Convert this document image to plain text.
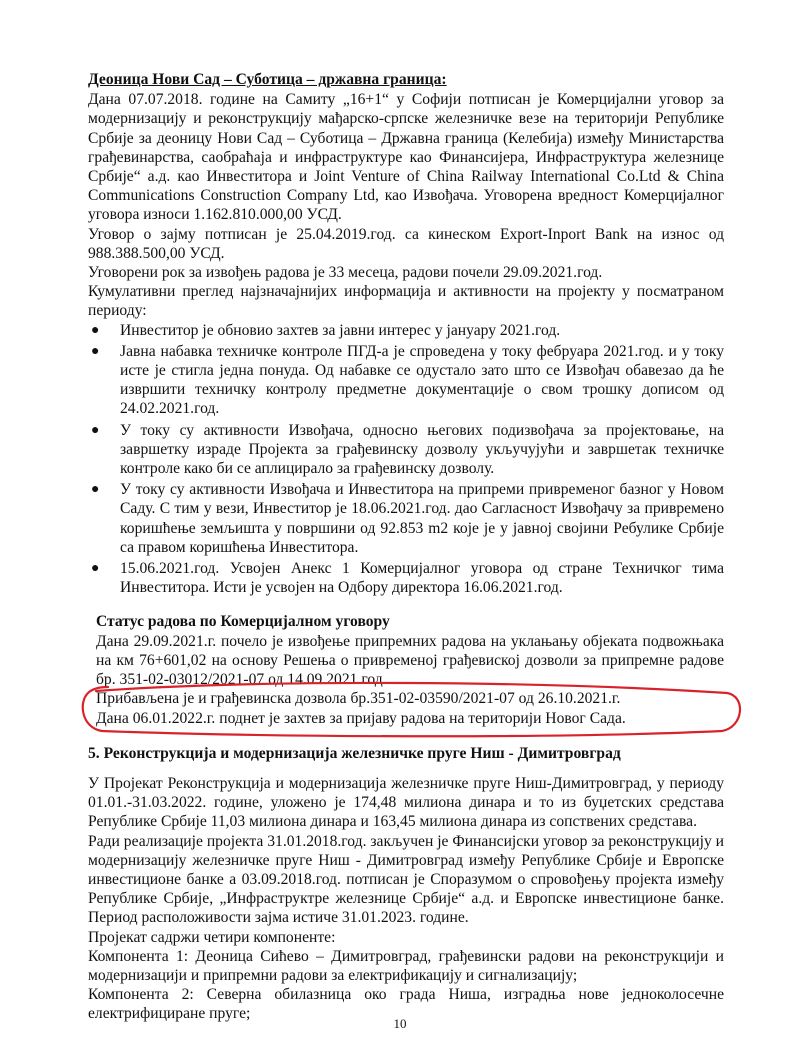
Деоница Нови Сад – Суботица – државна граница:

Дана 07.07.2018. године на Самиту „16+1“ у Софији потписан је Комерцијални уговор за модернизацију и реконструкцију мађарско-српске железничке везе на територији Републике Србије за деоницу Нови Сад – Суботица – Државна граница (Келебија) између Министарства грађевинарства, саобраћаја и инфраструктуре као Финансијера, Инфраструктура железнице Србије“ а.д. као Инвеститора и Joint Venture of China Railway International Co.Ltd & China Communications Construction Company Ltd, као Извођача. Уговорена вредност Комерцијалног уговора износи 1.162.810.000,00 УСД.

Уговор о зајму потписан је 25.04.2019.год. са кинеском Export-Inport Bank на износ од 988.388.500,00 УСД.

Уговорени рок за извођењ радова је 33 месеца, радови почели 29.09.2021.год.

Кумулативни преглед најзначајнијих информација и активности на пројекту у посматраном периоду:

● Инвеститор је обновио захтев за јавни интерес у јануару 2021.год.
● Јавна набавка техничке контроле ПГД-а је спроведена у току фебруара 2021.год. и у току исте је стигла једна понуда. Од набавке се одустало зато што се Извођач обавезао да ће извршити техничку контролу предметне документације о свом трошку дописом од 24.02.2021.год.
● У току су активности Извођача, односно његових подизвођача за пројектовање, на завршетку израде Пројекта за грађевинску дозволу укључујући и завршетак техничке контроле како би се аплицирало за грађевинску дозволу.
● У току су активности Извођача и Инвеститора на припреми привременог базног у Новом Саду. С тим у вези, Инвеститор је 18.06.2021.год. дао Сагласност Извођачу за привремено коришћење земљишта у површини од 92.853 m2 које је у јавној својини Ребулике Србије са правом коришћења Инвеститора.
● 15.06.2021.год. Усвојен Анекс 1 Комерцијалног уговора од стране Техничког тима Инвеститора. Исти је усвојен на Одбору директора 16.06.2021.год.

Статус радова по Комерцијалном уговору

Дана 29.09.2021.г. почело је извођење припремних радова на уклањању објеката подвожњака на км 76+601,02 на основу Решења о привременој грађевиској дозволи за припремне радове бр. 351-02-03012/2021-07 од 14.09.2021.год.

Прибављена је и грађевинска дозвола бр.351-02-03590/2021-07 од 26.10.2021.г.

Дана 06.01.2022.г. поднет је захтев за пријаву радова на територији Новог Сада.

5. Реконструкција и модернизација железничке пруге Ниш - Димитровград

У Пројекат Реконструкција и модернизација железничке пруге Ниш-Димитровград, у периоду 01.01.-31.03.2022. године, уложено је 174,48 милиона динара и то из буџетских средстава Републике Србије 11,03 милиона динара и 163,45 милиона динара из сопствених средстава.

Ради реализације пројекта 31.01.2018.год. закључен је Финансијски уговор за реконструкцију и модернизацију железничке пруге Ниш - Димитровград између Републике Србије и Европске инвестиционе банке а 03.09.2018.год. потписан је Споразумом о спровођењу пројекта између Републике Србије, „Инфраструктре железнице Србије“ а.д. и Европске инвестиционе банке. Период расположивости зајма истиче 31.01.2023. године.

Пројекат садржи четири компоненте:

Компонента 1: Деоница Сићево – Димитровград, грађевински радови на реконструкцији и модернизацији и припремни радови за електрификацију и сигнализацију;

Компонента 2: Северна обилазница око града Ниша, изградња нове једноколосечне електрифициране пруге;

10
